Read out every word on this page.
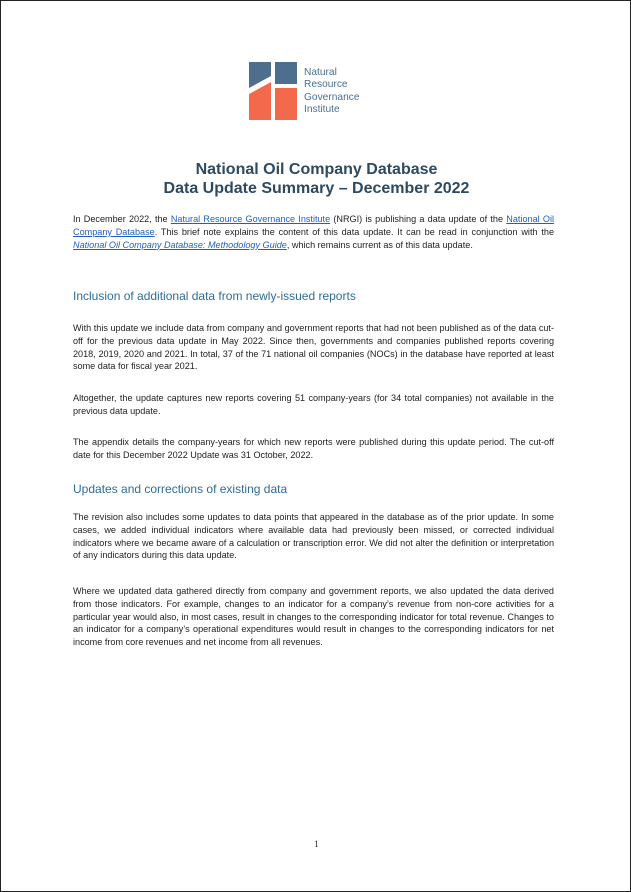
Natural
Resource
Governance
Institute
National Oil Company Database
Data Update Summary – December 2022

In December 2022, the Natural Resource Governance Institute (NRGI) is publishing a data update of the National Oil Company Database. This brief note explains the content of this data update. It can be read in conjunction with the National Oil Company Database: Methodology Guide, which remains current as of this data update.

Inclusion of additional data from newly-issued reports

With this update we include data from company and government reports that had not been published as of the data cut-off for the previous data update in May 2022. Since then, governments and companies published reports covering 2018, 2019, 2020 and 2021. In total, 37 of the 71 national oil companies (NOCs) in the database have reported at least some data for fiscal year 2021.

Altogether, the update captures new reports covering 51 company-years (for 34 total companies) not available in the previous data update.

The appendix details the company-years for which new reports were published during this update period. The cut-off date for this December 2022 Update was 31 October, 2022.

Updates and corrections of existing data

The revision also includes some updates to data points that appeared in the database as of the prior update. In some cases, we added individual indicators where available data had previously been missed, or corrected individual indicators where we became aware of a calculation or transcription error. We did not alter the definition or interpretation of any indicators during this data update.

Where we updated data gathered directly from company and government reports, we also updated the data derived from those indicators. For example, changes to an indicator for a company’s revenue from non-core activities for a particular year would also, in most cases, result in changes to the corresponding indicator for total revenue. Changes to an indicator for a company’s operational expenditures would result in changes to the corresponding indicators for net income from core revenues and net income from all revenues.

1
